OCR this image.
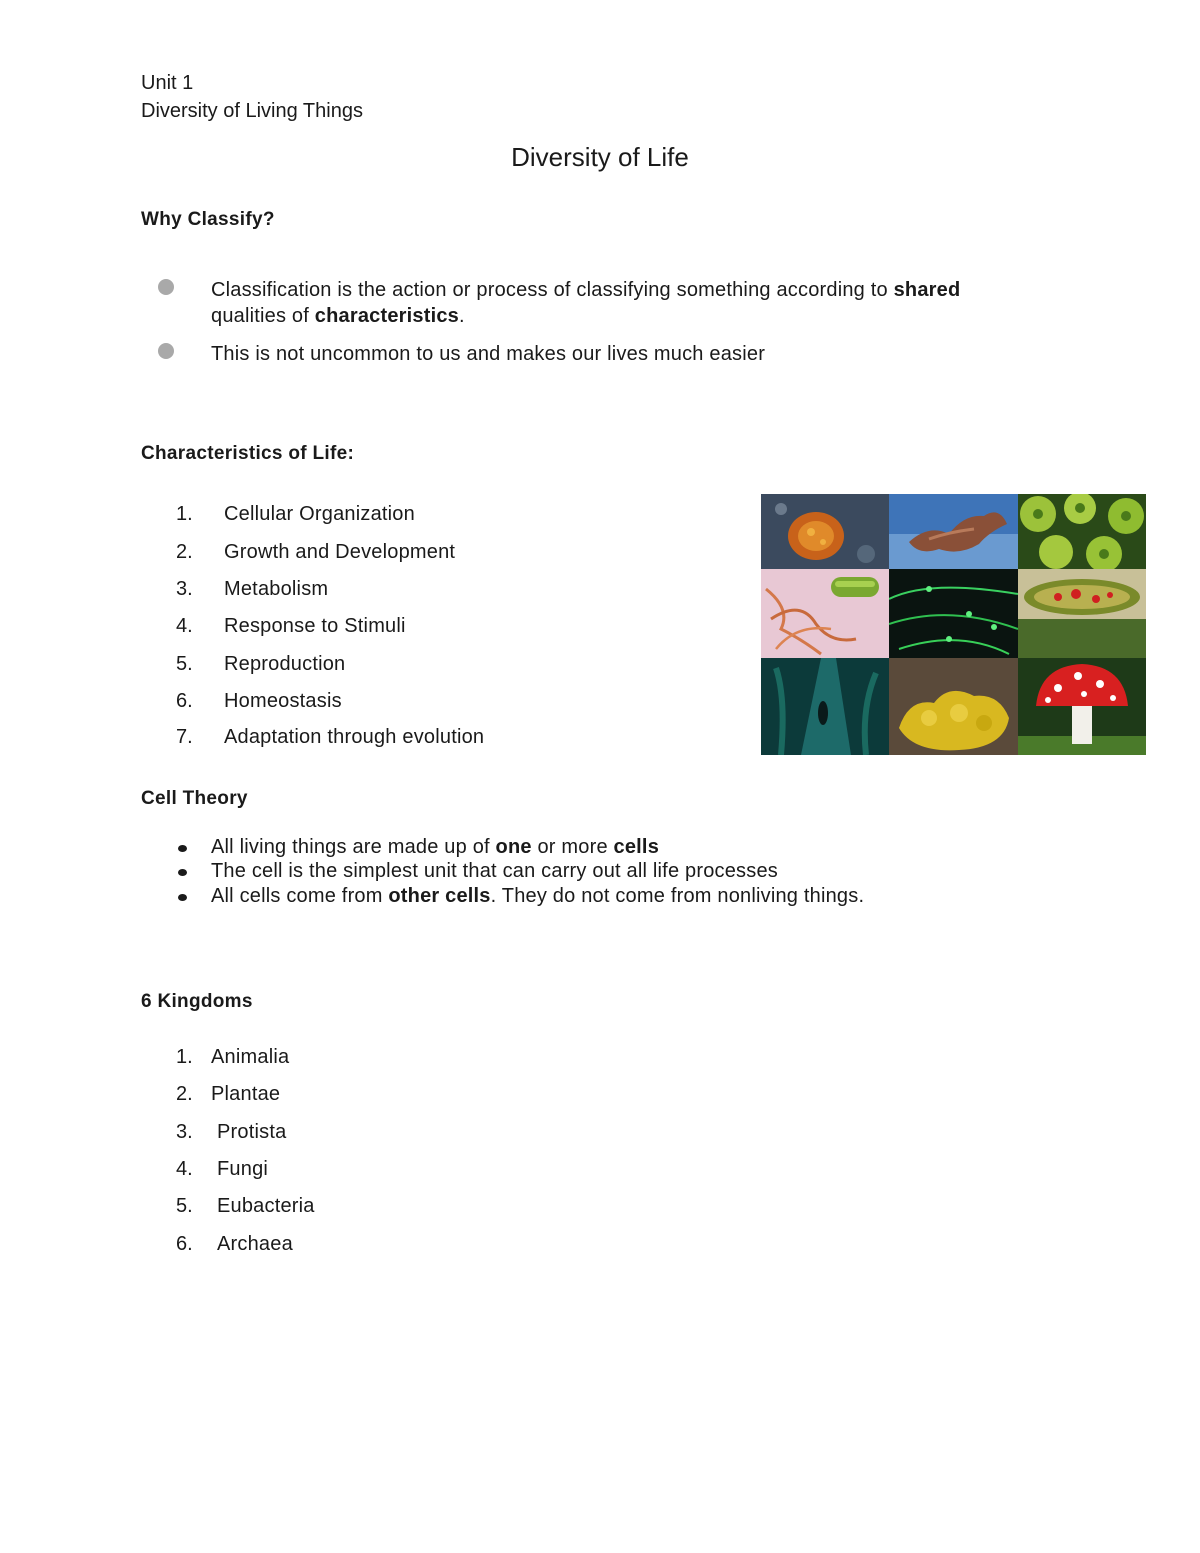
Unit 1
Diversity of Living Things
Diversity of Life
Why Classify?
Classification is the action or process of classifying something according to shared
qualities of characteristics.
This is not uncommon to us and makes our lives much easier
Characteristics of Life:
1. Cellular Organization
2. Growth and Development
3. Metabolism
4. Response to Stimuli
5. Reproduction
6. Homeostasis
7. Adaptation through evolution
Cell Theory
All living things are made up of one or more cells
The cell is the simplest unit that can carry out all life processes
All cells come from other cells. They do not come from nonliving things.
6 Kingdoms
1. Animalia
2. Plantae
3. Protista
4. Fungi
5. Eubacteria
6. Archaea
